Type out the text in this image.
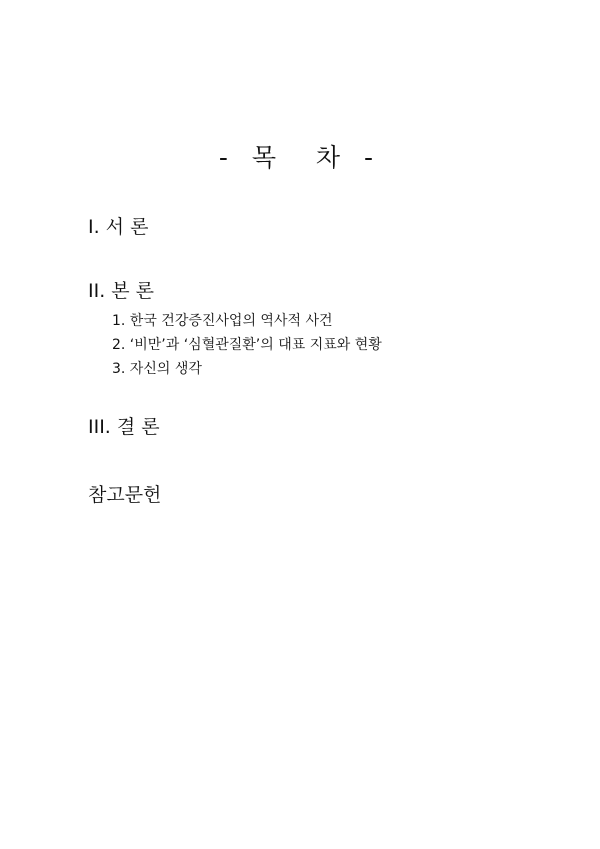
- 목  차 -
I. 서 론
II. 본 론
1. 한국 건강증진사업의 역사적 사건
2. ‘비만’과 ‘심혈관질환’의 대표 지표와 현황
3. 자신의 생각
III. 결 론
참고문헌
